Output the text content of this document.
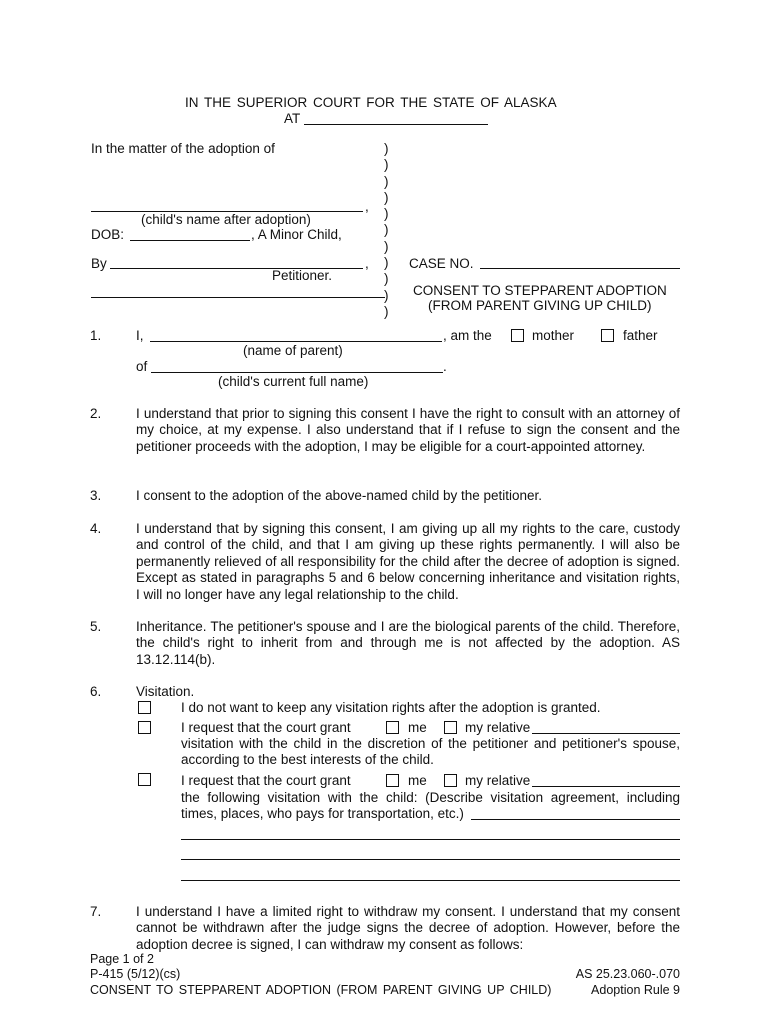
IN THE SUPERIOR COURT FOR THE STATE OF ALASKA
AT
In the matter of the adoption of
,
(child's name after adoption)
DOB:	, A Minor Child,
By	,
Petitioner.
)
)
)
)
)
)
)
)
)
)
)
CASE NO.
CONSENT TO STEPPARENT ADOPTION
(FROM PARENT GIVING UP CHILD)
1.	I,	, am the	mother	father
(name of parent)
of	.
(child's current full name)
2.	I understand that prior to signing this consent I have the right to consult with an attorney of my choice, at my expense. I also understand that if I refuse to sign the consent and the petitioner proceeds with the adoption, I may be eligible for a court-appointed attorney.
3.	I consent to the adoption of the above-named child by the petitioner.
4.	I understand that by signing this consent, I am giving up all my rights to the care, custody and control of the child, and that I am giving up these rights permanently. I will also be permanently relieved of all responsibility for the child after the decree of adoption is signed. Except as stated in paragraphs 5 and 6 below concerning inheritance and visitation rights, I will no longer have any legal relationship to the child.
5.	Inheritance. The petitioner's spouse and I are the biological parents of the child. Therefore, the child's right to inherit from and through me is not affected by the adoption. AS 13.12.114(b).
6.	Visitation.
I do not want to keep any visitation rights after the adoption is granted.
I request that the court grant	me	my relative
visitation with the child in the discretion of the petitioner and petitioner's spouse, according to the best interests of the child.
I request that the court grant	me	my relative
the following visitation with the child: (Describe visitation agreement, including
times, places, who pays for transportation, etc.)
7.	I understand I have a limited right to withdraw my consent. I understand that my consent cannot be withdrawn after the judge signs the decree of adoption. However, before the adoption decree is signed, I can withdraw my consent as follows:
Page 1 of 2
P-415 (5/12)(cs)
CONSENT TO STEPPARENT ADOPTION (FROM PARENT GIVING UP CHILD)
AS 25.23.060-.070
Adoption Rule 9
